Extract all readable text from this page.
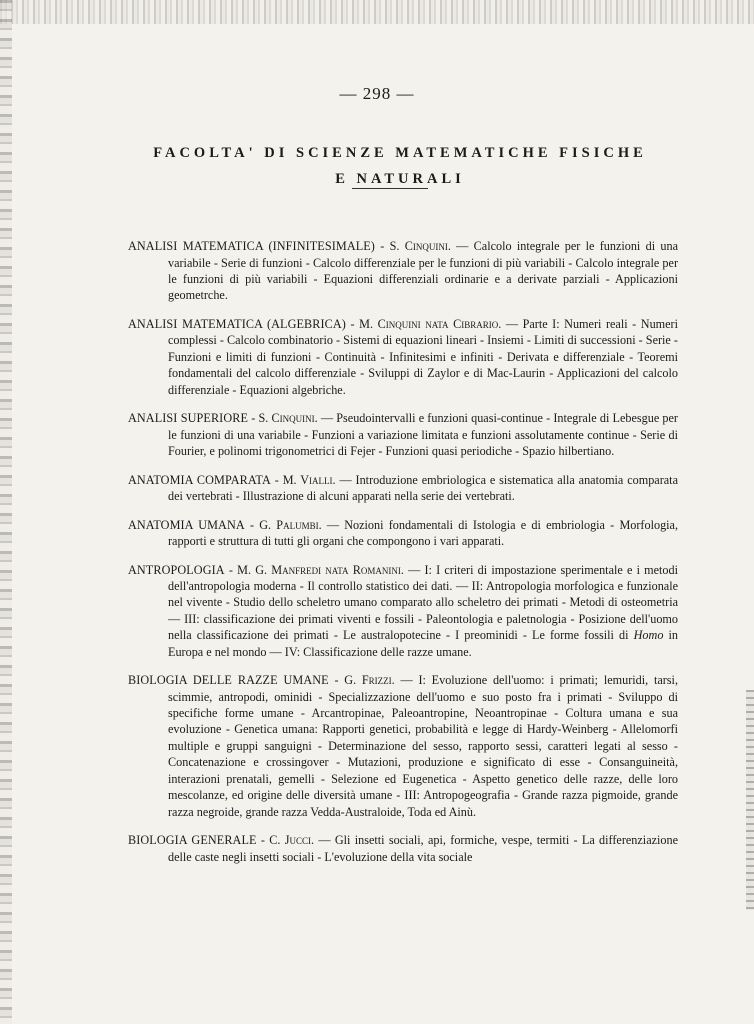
— 298 —
FACOLTA' DI SCIENZE MATEMATICHE FISICHE
E NATURALI

ANALISI MATEMATICA (INFINITESIMALE) - S. Cinquini. — Calcolo integrale per le funzioni di una variabile - Serie di funzioni - Calcolo differenziale per le funzioni di più variabili - Calcolo integrale per le funzioni di più variabili - Equazioni differenziali ordinarie e a derivate parziali - Applicazioni geometrche.

ANALISI MATEMATICA (ALGEBRICA) - M. Cinquini nata Cibrario. — Parte I: Numeri reali - Numeri complessi - Calcolo combinatorio - Sistemi di equazioni lineari - Insiemi - Limiti di successioni - Serie - Funzioni e limiti di funzioni - Continuità - Infinitesimi e infiniti - Derivata e differenziale - Teoremi fondamentali del calcolo differenziale - Sviluppi di Zaylor e di Mac-Laurin - Applicazioni del calcolo differenziale - Equazioni algebriche.

ANALISI SUPERIORE - S. Cinquini. — Pseudointervalli e funzioni quasi-continue - Integrale di Lebesgue per le funzioni di una variabile - Funzioni a variazione limitata e funzioni assolutamente continue - Serie di Fourier, e polinomi trigonometrici di Fejer - Funzioni quasi periodiche - Spazio hilbertiano.

ANATOMIA COMPARATA - M. Vialli. — Introduzione embriologica e sistematica alla anatomia comparata dei vertebrati - Illustrazione di alcuni apparati nella serie dei vertebrati.

ANATOMIA UMANA - G. Palumbi. — Nozioni fondamentali di Istologia e di embriologia - Morfologia, rapporti e struttura di tutti gli organi che compongono i vari apparati.

ANTROPOLOGIA - M. G. Manfredi nata Romanini. — I: I criteri di impostazione sperimentale e i metodi dell'antropologia moderna - Il controllo statistico dei dati. — II: Antropologia morfologica e funzionale nel vivente - Studio dello scheletro umano comparato allo scheletro dei primati - Metodi di osteometria — III: classificazione dei primati viventi e fossili - Paleontologia e paletnologia - Posizione dell'uomo nella classificazione dei primati - Le australopotecine - I preominidi - Le forme fossili di Homo in Europa e nel mondo — IV: Classificazione delle razze umane.

BIOLOGIA DELLE RAZZE UMANE - G. Frizzi. — I: Evoluzione dell'uomo: i primati; lemuridi, tarsi, scimmie, antropodi, ominidi - Specializzazione dell'uomo e suo posto fra i primati - Sviluppo di specifiche forme umane - Arcantropinae, Paleoantropine, Neoantropinae - Coltura umana e sua evoluzione - Genetica umana: Rapporti genetici, probabilità e legge di Hardy-Weinberg - Allelomorfi multiple e gruppi sanguigni - Determinazione del sesso, rapporto sessi, caratteri legati al sesso - Concatenazione e crossingover - Mutazioni, produzione e significato di esse - Consanguineità, interazioni prenatali, gemelli - Selezione ed Eugenetica - Aspetto genetico delle razze, delle loro mescolanze, ed origine delle diversità umane - III: Antropogeografia - Grande razza pigmoide, grande razza negroide, grande razza Vedda-Australoide, Toda ed Ainù.

BIOLOGIA GENERALE - C. Jucci. — Gli insetti sociali, api, formiche, vespe, termiti - La differenziazione delle caste negli insetti sociali - L'evoluzione della vita sociale
